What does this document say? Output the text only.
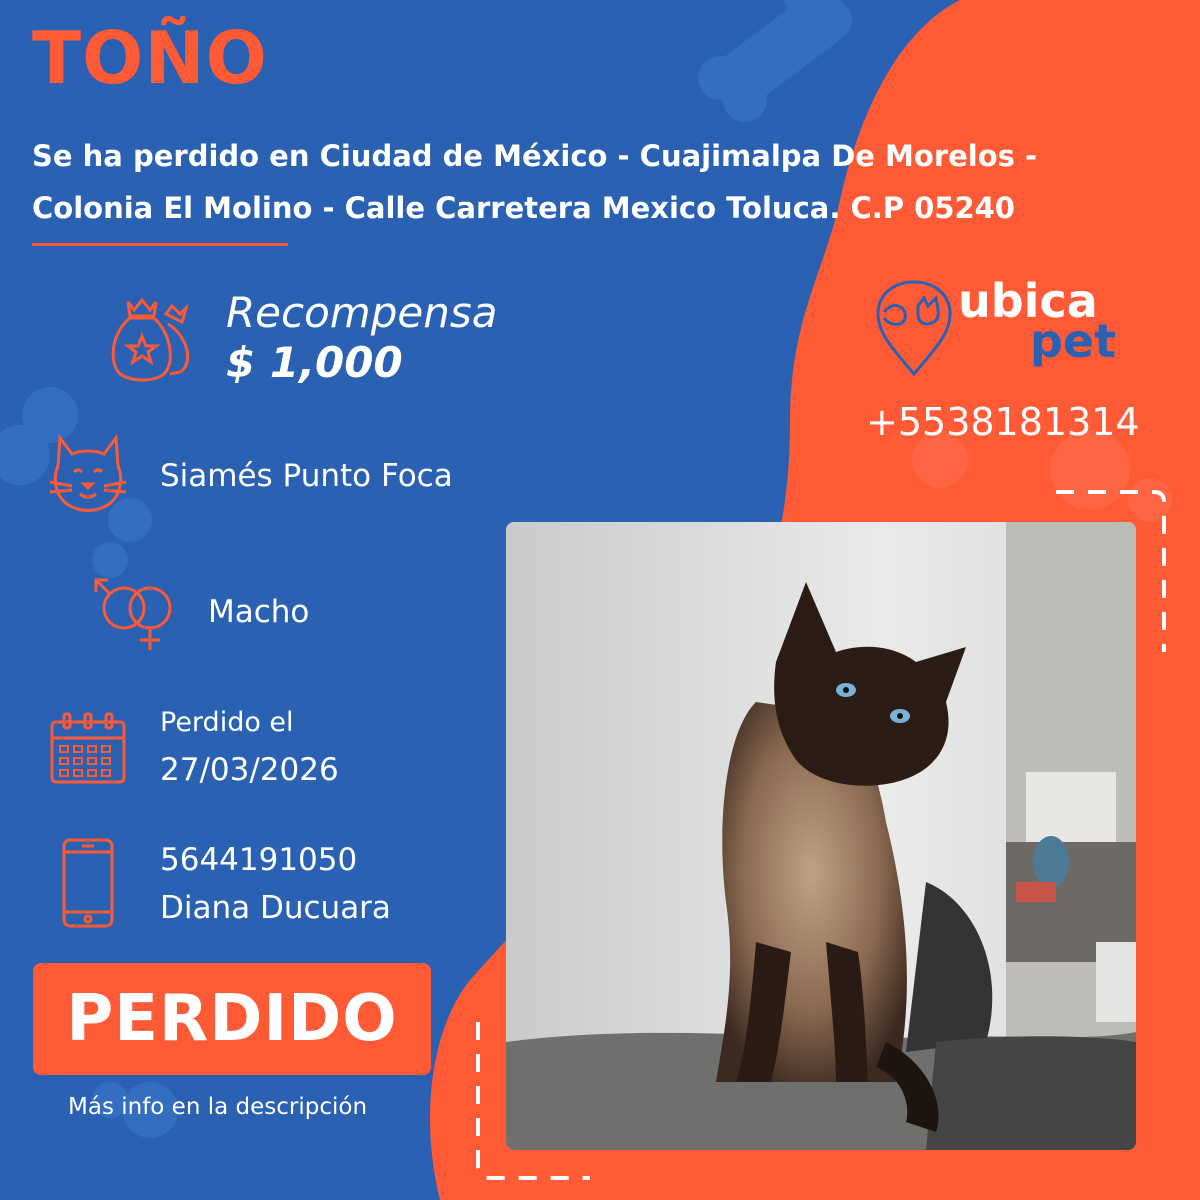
TOÑO
Se ha perdido en Ciudad de México - Cuajimalpa De Morelos - Colonia El Molino - Calle Carretera Mexico Toluca. C.P 05240
Recompensa
$ 1,000
Siamés Punto Foca
Macho
Perdido el
27/03/2026
5644191050
Diana Ducuara
PERDIDO
Más info en la descripción
ubica
pet
+5538181314
